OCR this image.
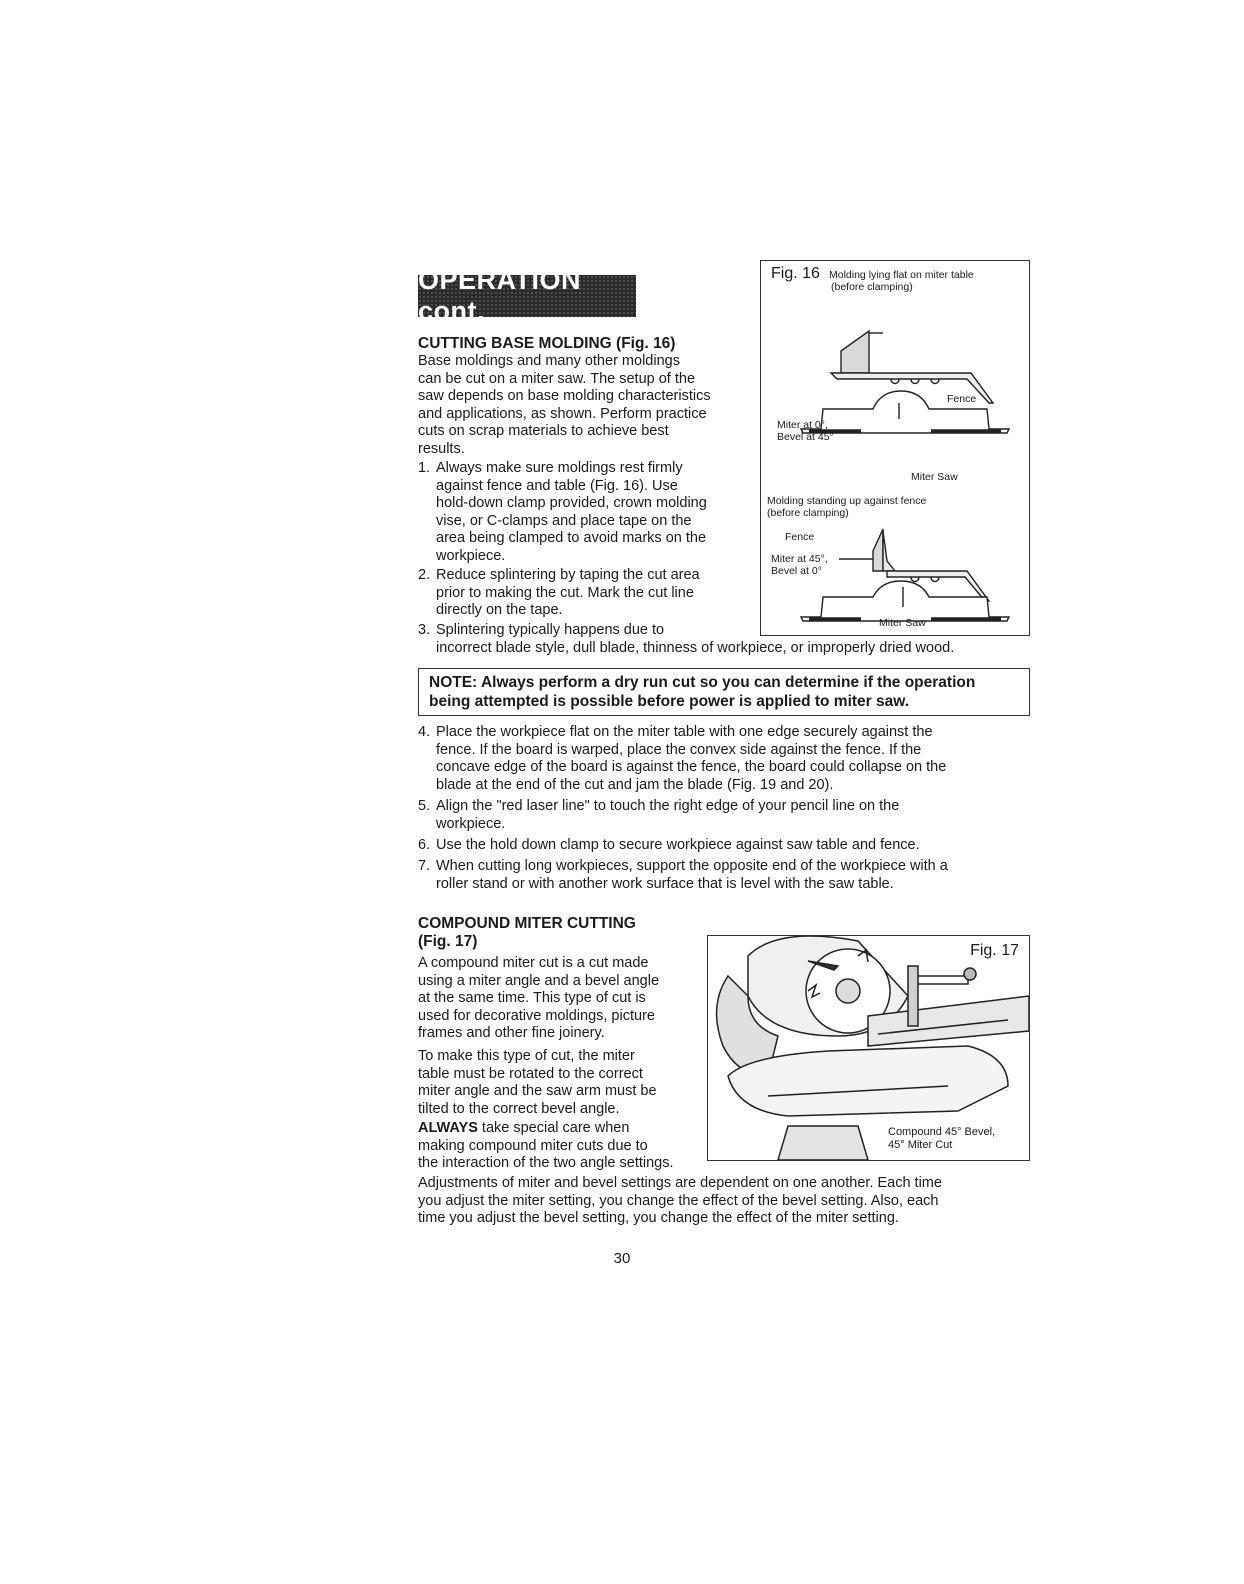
OPERATION cont.
CUTTING BASE MOLDING (Fig. 16)
Base moldings and many other moldings
can be cut on a miter saw. The setup of the
saw depends on base molding characteristics
and applications, as shown. Perform practice
cuts on scrap materials to achieve best
results.
1. Always make sure moldings rest firmly
against fence and table (Fig. 16). Use
hold-down clamp provided, crown molding
vise, or C-clamps and place tape on the
area being clamped to avoid marks on the
workpiece.
2. Reduce splintering by taping the cut area
prior to making the cut. Mark the cut line
directly on the tape.
3. Splintering typically happens due to
incorrect blade style, dull blade, thinness of workpiece, or improperly dried wood.
Fig. 16 Molding lying flat on miter table
(before clamping)
Fence
Miter at 0°,
Bevel at 45°
Miter Saw
Molding standing up against fence
(before clamping)
Fence
Miter at 45°,
Bevel at 0°
Miter Saw
NOTE: Always perform a dry run cut so you can determine if the operation
being attempted is possible before power is applied to miter saw.
4. Place the workpiece flat on the miter table with one edge securely against the
fence. If the board is warped, place the convex side against the fence. If the
concave edge of the board is against the fence, the board could collapse on the
blade at the end of the cut and jam the blade (Fig. 19 and 20).
5. Align the "red laser line" to touch the right edge of your pencil line on the
workpiece.
6. Use the hold down clamp to secure workpiece against saw table and fence.
7. When cutting long workpieces, support the opposite end of the workpiece with a
roller stand or with another work surface that is level with the saw table.
COMPOUND MITER CUTTING
(Fig. 17)
A compound miter cut is a cut made
using a miter angle and a bevel angle
at the same time. This type of cut is
used for decorative moldings, picture
frames and other fine joinery.
To make this type of cut, the miter
table must be rotated to the correct
miter angle and the saw arm must be
tilted to the correct bevel angle.
ALWAYS take special care when
making compound miter cuts due to
the interaction of the two angle settings.
Adjustments of miter and bevel settings are dependent on one another. Each time
you adjust the miter setting, you change the effect of the bevel setting. Also, each
time you adjust the bevel setting, you change the effect of the miter setting.
Fig. 17
Compound 45° Bevel,
45° Miter Cut
30
